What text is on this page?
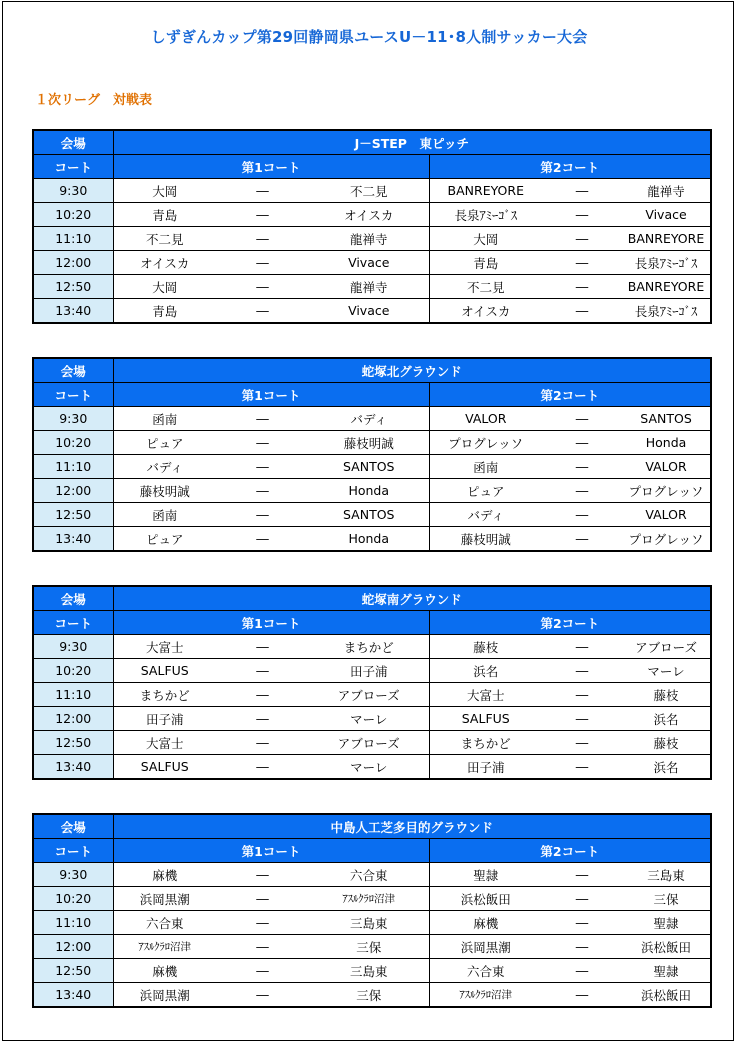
しずぎんカップ第29回静岡県ユースU－11･8人制サッカー大会
１次リーグ　対戦表
会場	J－STEP　東ピッチ					
コート	第1コート			第2コート		
9:30	大岡	―	不二見	BANREYORE	―	龍禅寺
10:20	青島	―	オイスカ	長泉ｱﾐｰｺﾞｽ	―	Vivace
11:10	不二見	―	龍禅寺	大岡	―	BANREYORE
12:00	オイスカ	―	Vivace	青島	―	長泉ｱﾐｰｺﾞｽ
12:50	大岡	―	龍禅寺	不二見	―	BANREYORE
13:40	青島	―	Vivace	オイスカ	―	長泉ｱﾐｰｺﾞｽ
会場	蛇塚北グラウンド					
コート	第1コート			第2コート		
9:30	函南	―	バディ	VALOR	―	SANTOS
10:20	ピュア	―	藤枝明誠	プログレッソ	―	Honda
11:10	バディ	―	SANTOS	函南	―	VALOR
12:00	藤枝明誠	―	Honda	ピュア	―	プログレッソ
12:50	函南	―	SANTOS	バディ	―	VALOR
13:40	ピュア	―	Honda	藤枝明誠	―	プログレッソ
会場	蛇塚南グラウンド					
コート	第1コート			第2コート		
9:30	大富士	―	まちかど	藤枝	―	アブローズ
10:20	SALFUS	―	田子浦	浜名	―	マーレ
11:10	まちかど	―	アブローズ	大富士	―	藤枝
12:00	田子浦	―	マーレ	SALFUS	―	浜名
12:50	大富士	―	アブローズ	まちかど	―	藤枝
13:40	SALFUS	―	マーレ	田子浦	―	浜名
会場	中島人工芝多目的グラウンド					
コート	第1コート			第2コート		
9:30	麻機	―	六合東	聖隷	―	三島東
10:20	浜岡黒潮	―	ｱｽﾙｸﾗﾛ沼津	浜松飯田	―	三保
11:10	六合東	―	三島東	麻機	―	聖隷
12:00	ｱｽﾙｸﾗﾛ沼津	―	三保	浜岡黒潮	―	浜松飯田
12:50	麻機	―	三島東	六合東	―	聖隷
13:40	浜岡黒潮	―	三保	ｱｽﾙｸﾗﾛ沼津	―	浜松飯田
